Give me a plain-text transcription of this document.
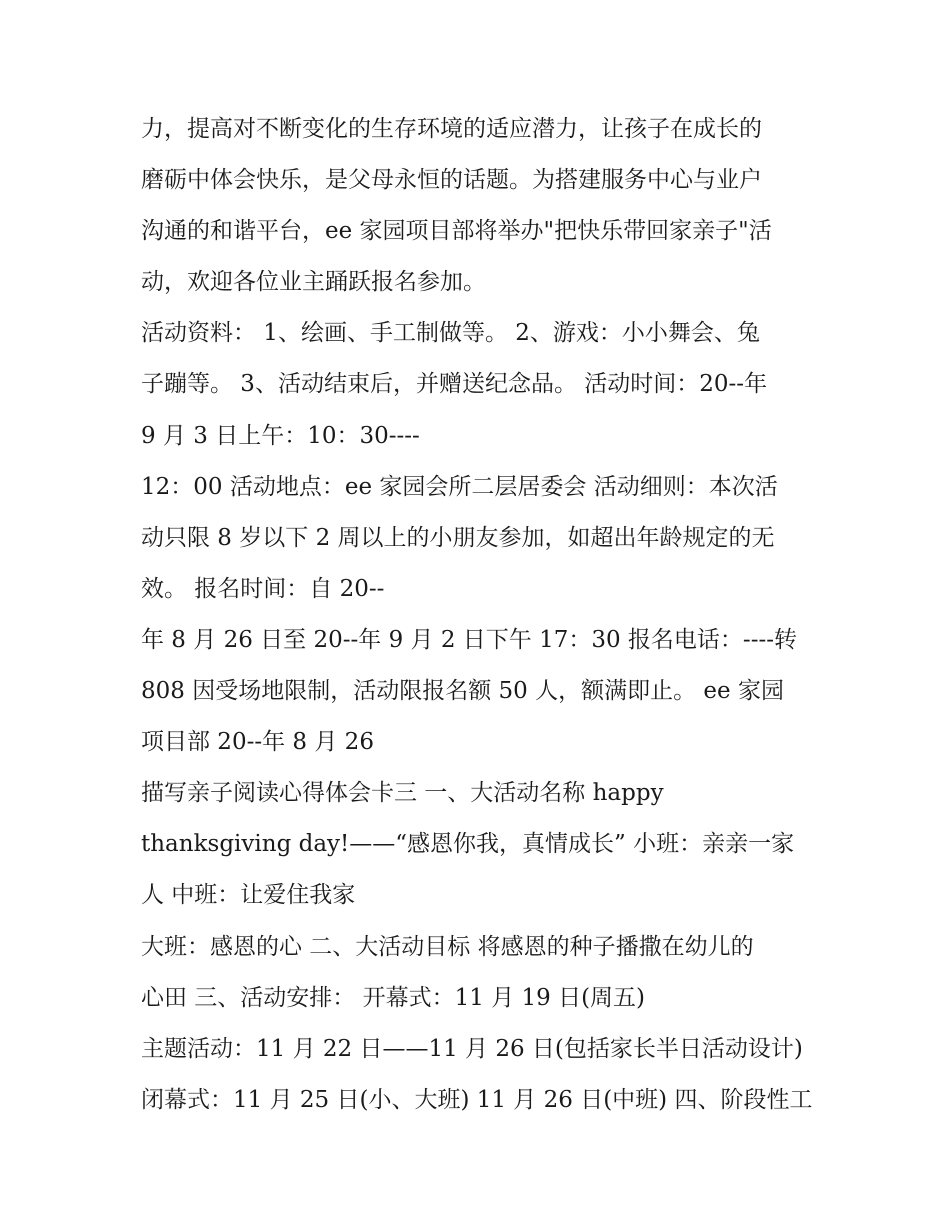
力，提高对不断变化的生存环境的适应潜力，让孩子在成长的
磨砺中体会快乐，是父母永恒的话题。为搭建服务中心与业户
沟通的和谐平台，ee 家园项目部将举办"把快乐带回家亲子"活
动，欢迎各位业主踊跃报名参加。
活动资料： 1、绘画、手工制做等。 2、游戏：小小舞会、兔
子蹦等。 3、活动结束后，并赠送纪念品。 活动时间：20--年
9 月 3 日上午：10：30----
12：00 活动地点：ee 家园会所二层居委会 活动细则：本次活
动只限 8 岁以下 2 周以上的小朋友参加，如超出年龄规定的无
效。 报名时间：自 20--
年 8 月 26 日至 20--年 9 月 2 日下午 17：30 报名电话：----转
808 因受场地限制，活动限报名额 50 人，额满即止。 ee 家园
项目部 20--年 8 月 26
描写亲子阅读心得体会卡三 一、大活动名称 happy
thanksgiving day!——“感恩你我，真情成长” 小班：亲亲一家
人 中班：让爱住我家
大班：感恩的心 二、大活动目标 将感恩的种子播撒在幼儿的
心田 三、活动安排： 开幕式：11 月 19 日(周五)
主题活动：11 月 22 日——11 月 26 日(包括家长半日活动设计)
闭幕式：11 月 25 日(小、大班) 11 月 26 日(中班) 四、阶段性工
